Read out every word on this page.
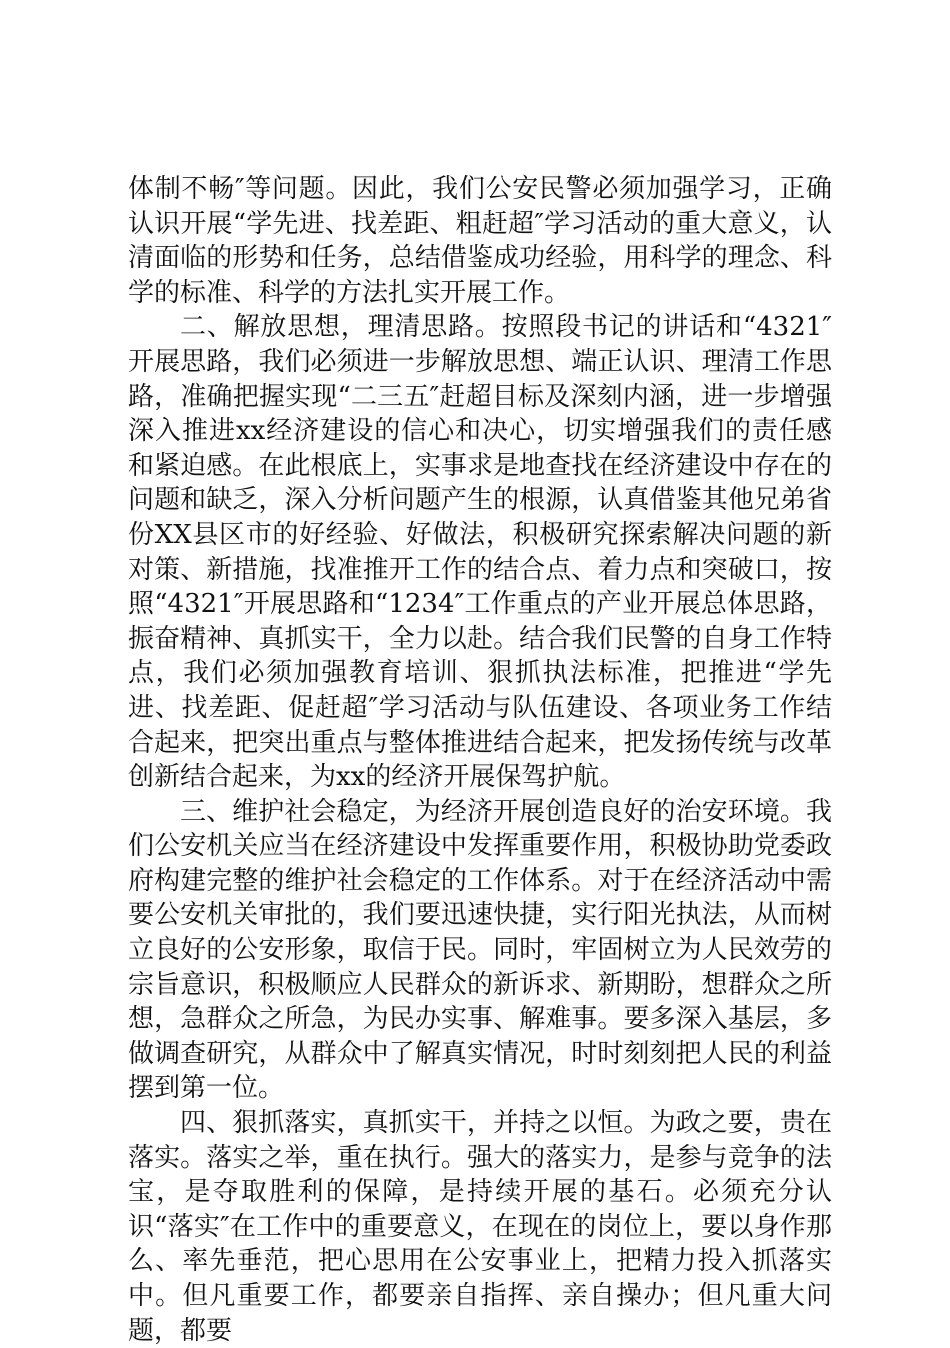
体制不畅″等问题。因此，我们公安民警必须加强学习，正确认识开展“学先进、找差距、粗赶超″学习活动的重大意义，认清面临的形势和任务，总结借鉴成功经验，用科学的理念、科学的标准、科学的方法扎实开展工作。

二、解放思想，理清思路。按照段书记的讲话和“4321″开展思路，我们必须进一步解放思想、端正认识、理清工作思路，准确把握实现“二三五″赶超目标及深刻内涵，进一步增强深入推进xx经济建设的信心和决心，切实增强我们的责任感和紧迫感。在此根底上，实事求是地查找在经济建设中存在的问题和缺乏，深入分析问题产生的根源，认真借鉴其他兄弟省份XX县区市的好经验、好做法，积极研究探索解决问题的新对策、新措施，找准推开工作的结合点、着力点和突破口，按照“4321″开展思路和“1234″工作重点的产业开展总体思路，振奋精神、真抓实干，全力以赴。结合我们民警的自身工作特点，我们必须加强教育培训、狠抓执法标准，把推进“学先进、找差距、促赶超″学习活动与队伍建设、各项业务工作结合起来，把突出重点与整体推进结合起来，把发扬传统与改革创新结合起来，为xx的经济开展保驾护航。

三、维护社会稳定，为经济开展创造良好的治安环境。我们公安机关应当在经济建设中发挥重要作用，积极协助党委政府构建完整的维护社会稳定的工作体系。对于在经济活动中需要公安机关审批的，我们要迅速快捷，实行阳光执法，从而树立良好的公安形象，取信于民。同时，牢固树立为人民效劳的宗旨意识，积极顺应人民群众的新诉求、新期盼，想群众之所想，急群众之所急，为民办实事、解难事。要多深入基层，多做调查研究，从群众中了解真实情况，时时刻刻把人民的利益摆到第一位。

四、狠抓落实，真抓实干，并持之以恒。为政之要，贵在落实。落实之举，重在执行。强大的落实力，是参与竞争的法宝，是夺取胜利的保障，是持续开展的基石。必须充分认识“落实″在工作中的重要意义，在现在的岗位上，要以身作那么、率先垂范，把心思用在公安事业上，把精力投入抓落实中。但凡重要工作，都要亲自指挥、亲自操办；但凡重大问题，都要
